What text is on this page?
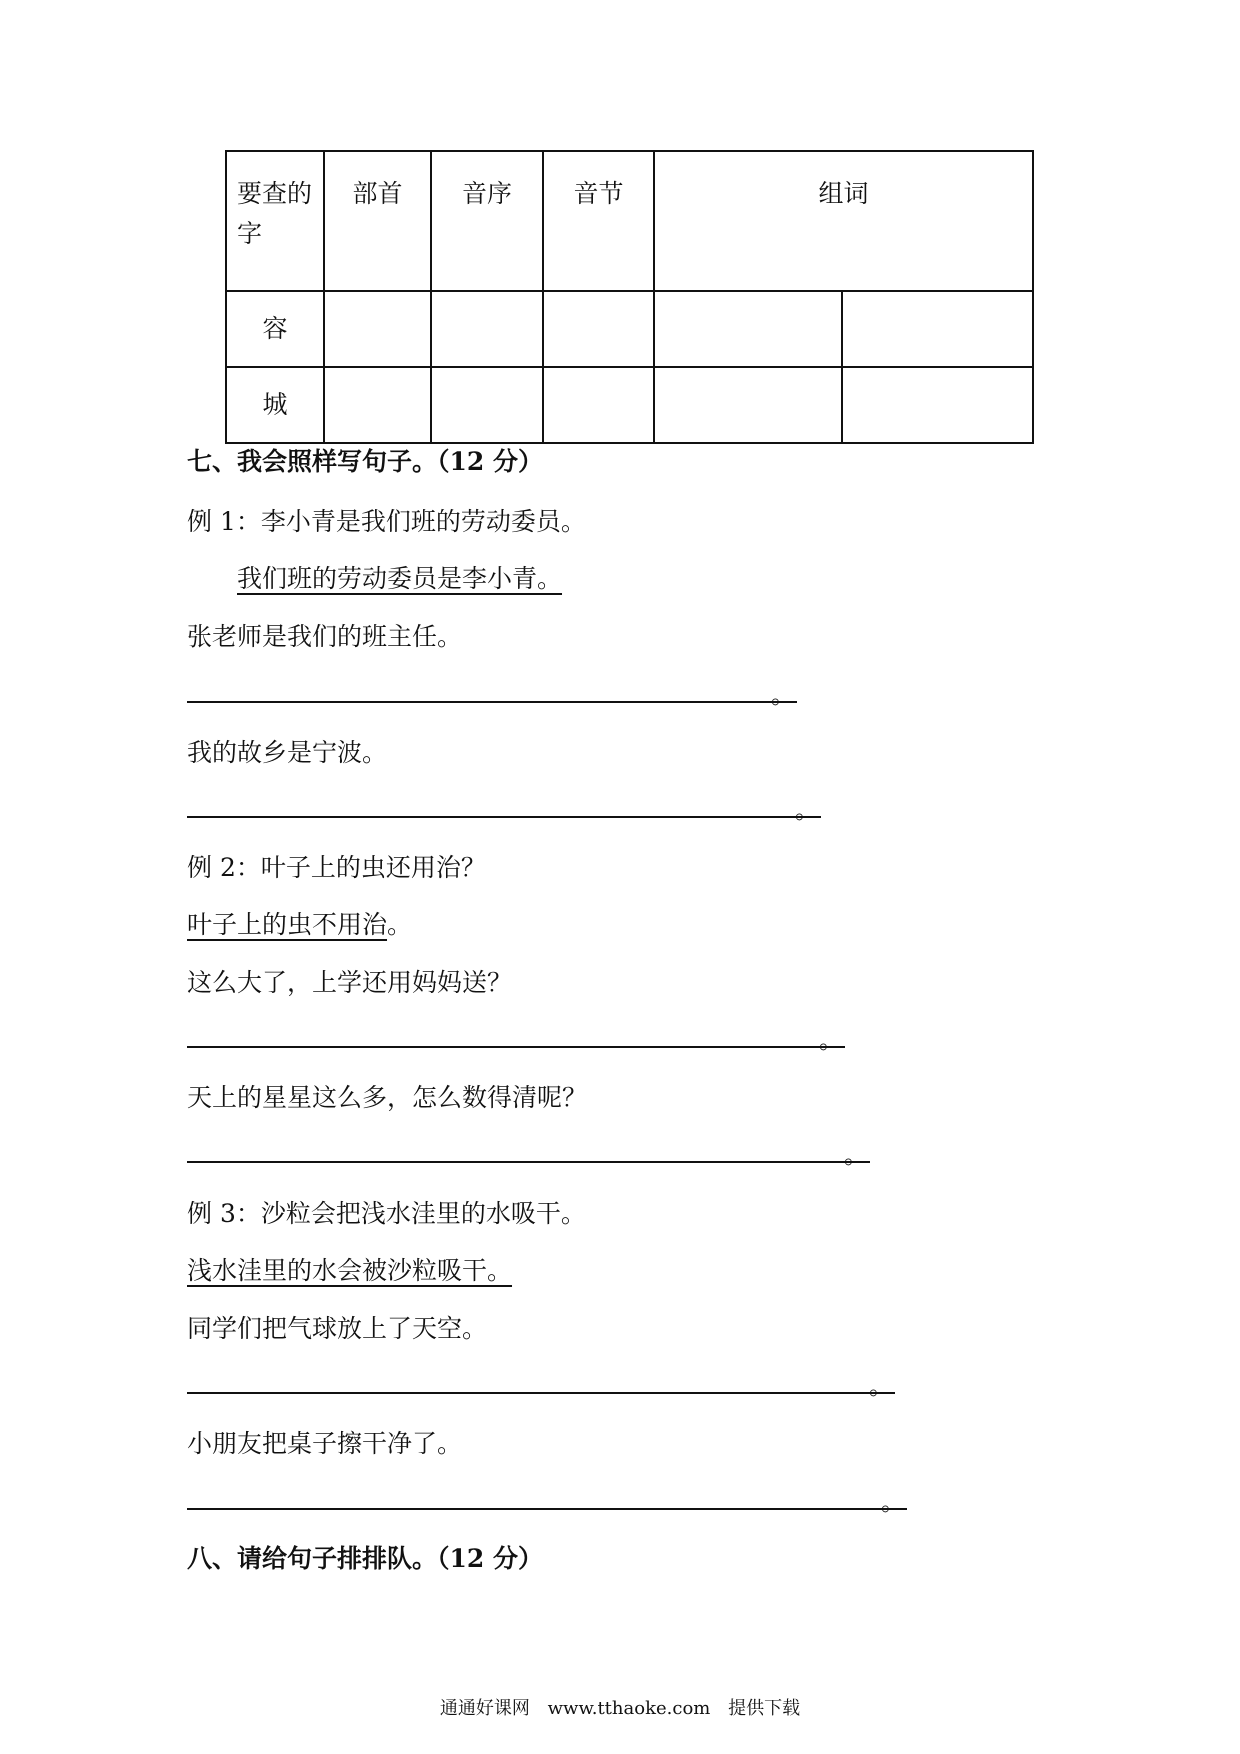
要查的字	部首	音序	音节	组词	
容					
城					
七、我会照样写句子。（12 分）
例 1：李小青是我们班的劳动委员。
我们班的劳动委员是李小青。
张老师是我们的班主任。
。
我的故乡是宁波。
。
例 2：叶子上的虫还用治？
叶子上的虫不用治。
这么大了，上学还用妈妈送？
。
天上的星星这么多，怎么数得清呢？
。
例 3：沙粒会把浅水洼里的水吸干。
浅水洼里的水会被沙粒吸干。
同学们把气球放上了天空。
。
小朋友把桌子擦干净了。
。
八、请给句子排排队。（12 分）
通通好课网 www.tthaoke.com 提供下载
